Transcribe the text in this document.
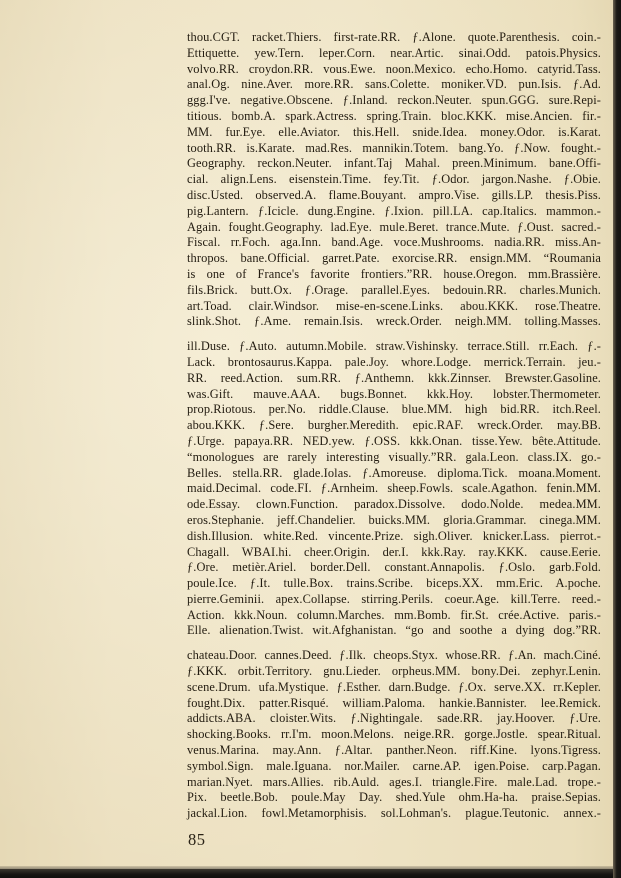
thou.CGT. racket.Thiers. first-rate.RR. ƒ.Alone. quote.Parenthesis. coin.-
Ettiquette. yew.Tern. leper.Corn. near.Artic. sinai.Odd. patois.Physics.
volvo.RR. croydon.RR. vous.Ewe. noon.Mexico. echo.Homo. catyrid.Tass.
anal.Og. nine.Aver. more.RR. sans.Colette. moniker.VD. pun.Isis. ƒ.Ad.
ggg.I've. negative.Obscene. ƒ.Inland. reckon.Neuter. spun.GGG. sure.Repi-
titious. bomb.A. spark.Actress. spring.Train. bloc.KKK. mise.Ancien. fir.-
MM. fur.Eye. elle.Aviator. this.Hell. snide.Idea. money.Odor. is.Karat.
tooth.RR. is.Karate. mad.Res. mannikin.Totem. bang.Yo. ƒ.Now. fought.-
Geography. reckon.Neuter. infant.Taj Mahal. preen.Minimum. bane.Offi-
cial. align.Lens. eisenstein.Time. fey.Tit. ƒ.Odor. jargon.Nashe. ƒ.Obie.
disc.Usted. observed.A. flame.Bouyant. ampro.Vise. gills.LP. thesis.Piss.
pig.Lantern. ƒ.Icicle. dung.Engine. ƒ.Ixion. pill.LA. cap.Italics. mammon.-
Again. fought.Geography. lad.Eye. mule.Beret. trance.Mute. ƒ.Oust. sacred.-
Fiscal. rr.Foch. aga.Inn. band.Age. voce.Mushrooms. nadia.RR. miss.An-
thropos. bane.Official. garret.Pate. exorcise.RR. ensign.MM. “Roumania
is one of France's favorite frontiers.”RR. house.Oregon. mm.Brassière.
fils.Brick. butt.Ox. ƒ.Orage. parallel.Eyes. bedouin.RR. charles.Munich.
art.Toad. clair.Windsor. mise-en-scene.Links. abou.KKK. rose.Theatre.
slink.Shot. ƒ.Ame. remain.Isis. wreck.Order. neigh.MM. tolling.Masses.
ill.Duse. ƒ.Auto. autumn.Mobile. straw.Vishinsky. terrace.Still. rr.Each. ƒ.-
Lack. brontosaurus.Kappa. pale.Joy. whore.Lodge. merrick.Terrain. jeu.-
RR. reed.Action. sum.RR. ƒ.Anthemn. kkk.Zinnser. Brewster.Gasoline.
was.Gift. mauve.AAA. bugs.Bonnet. kkk.Hoy. lobster.Thermometer.
prop.Riotous. per.No. riddle.Clause. blue.MM. high bid.RR. itch.Reel.
abou.KKK. ƒ.Sere. burgher.Meredith. epic.RAF. wreck.Order. may.BB.
ƒ.Urge. papaya.RR. NED.yew. ƒ.OSS. kkk.Onan. tisse.Yew. bête.Attitude.
“monologues are rarely interesting visually.”RR. gala.Leon. class.IX. go.-
Belles. stella.RR. glade.Iolas. ƒ.Amoreuse. diploma.Tick. moana.Moment.
maid.Decimal. code.FI. ƒ.Arnheim. sheep.Fowls. scale.Agathon. fenin.MM.
ode.Essay. clown.Function. paradox.Dissolve. dodo.Nolde. medea.MM.
eros.Stephanie. jeff.Chandelier. buicks.MM. gloria.Grammar. cinega.MM.
dish.Illusion. white.Red. vincente.Prize. sigh.Oliver. knicker.Lass. pierrot.-
Chagall. WBAI.hi. cheer.Origin. der.I. kkk.Ray. ray.KKK. cause.Eerie.
ƒ.Ore. metièr.Ariel. border.Dell. constant.Annapolis. ƒ.Oslo. garb.Fold.
poule.Ice. ƒ.It. tulle.Box. trains.Scribe. biceps.XX. mm.Eric. A.poche.
pierre.Geminii. apex.Collapse. stirring.Perils. coeur.Age. kill.Terre. reed.-
Action. kkk.Noun. column.Marches. mm.Bomb. fir.St. crée.Active. paris.-
Elle. alienation.Twist. wit.Afghanistan. “go and soothe a dying dog.”RR.
chateau.Door. cannes.Deed. ƒ.Ilk. cheops.Styx. whose.RR. ƒ.An. mach.Ciné.
ƒ.KKK. orbit.Territory. gnu.Lieder. orpheus.MM. bony.Dei. zephyr.Lenin.
scene.Drum. ufa.Mystique. ƒ.Esther. darn.Budge. ƒ.Ox. serve.XX. rr.Kepler.
fought.Dix. patter.Risqué. william.Paloma. hankie.Bannister. lee.Remick.
addicts.ABA. cloister.Wits. ƒ.Nightingale. sade.RR. jay.Hoover. ƒ.Ure.
shocking.Books. rr.I'm. moon.Melons. neige.RR. gorge.Jostle. spear.Ritual.
venus.Marina. may.Ann. ƒ.Altar. panther.Neon. riff.Kine. lyons.Tigress.
symbol.Sign. male.Iguana. nor.Mailer. carne.AP. igen.Poise. carp.Pagan.
marian.Nyet. mars.Allies. rib.Auld. ages.I. triangle.Fire. male.Lad. trope.-
Pix. beetle.Bob. poule.May Day. shed.Yule ohm.Ha-ha. praise.Sepias.
jackal.Lion. fowl.Metamorphisis. sol.Lohman's. plague.Teutonic. annex.-
85
